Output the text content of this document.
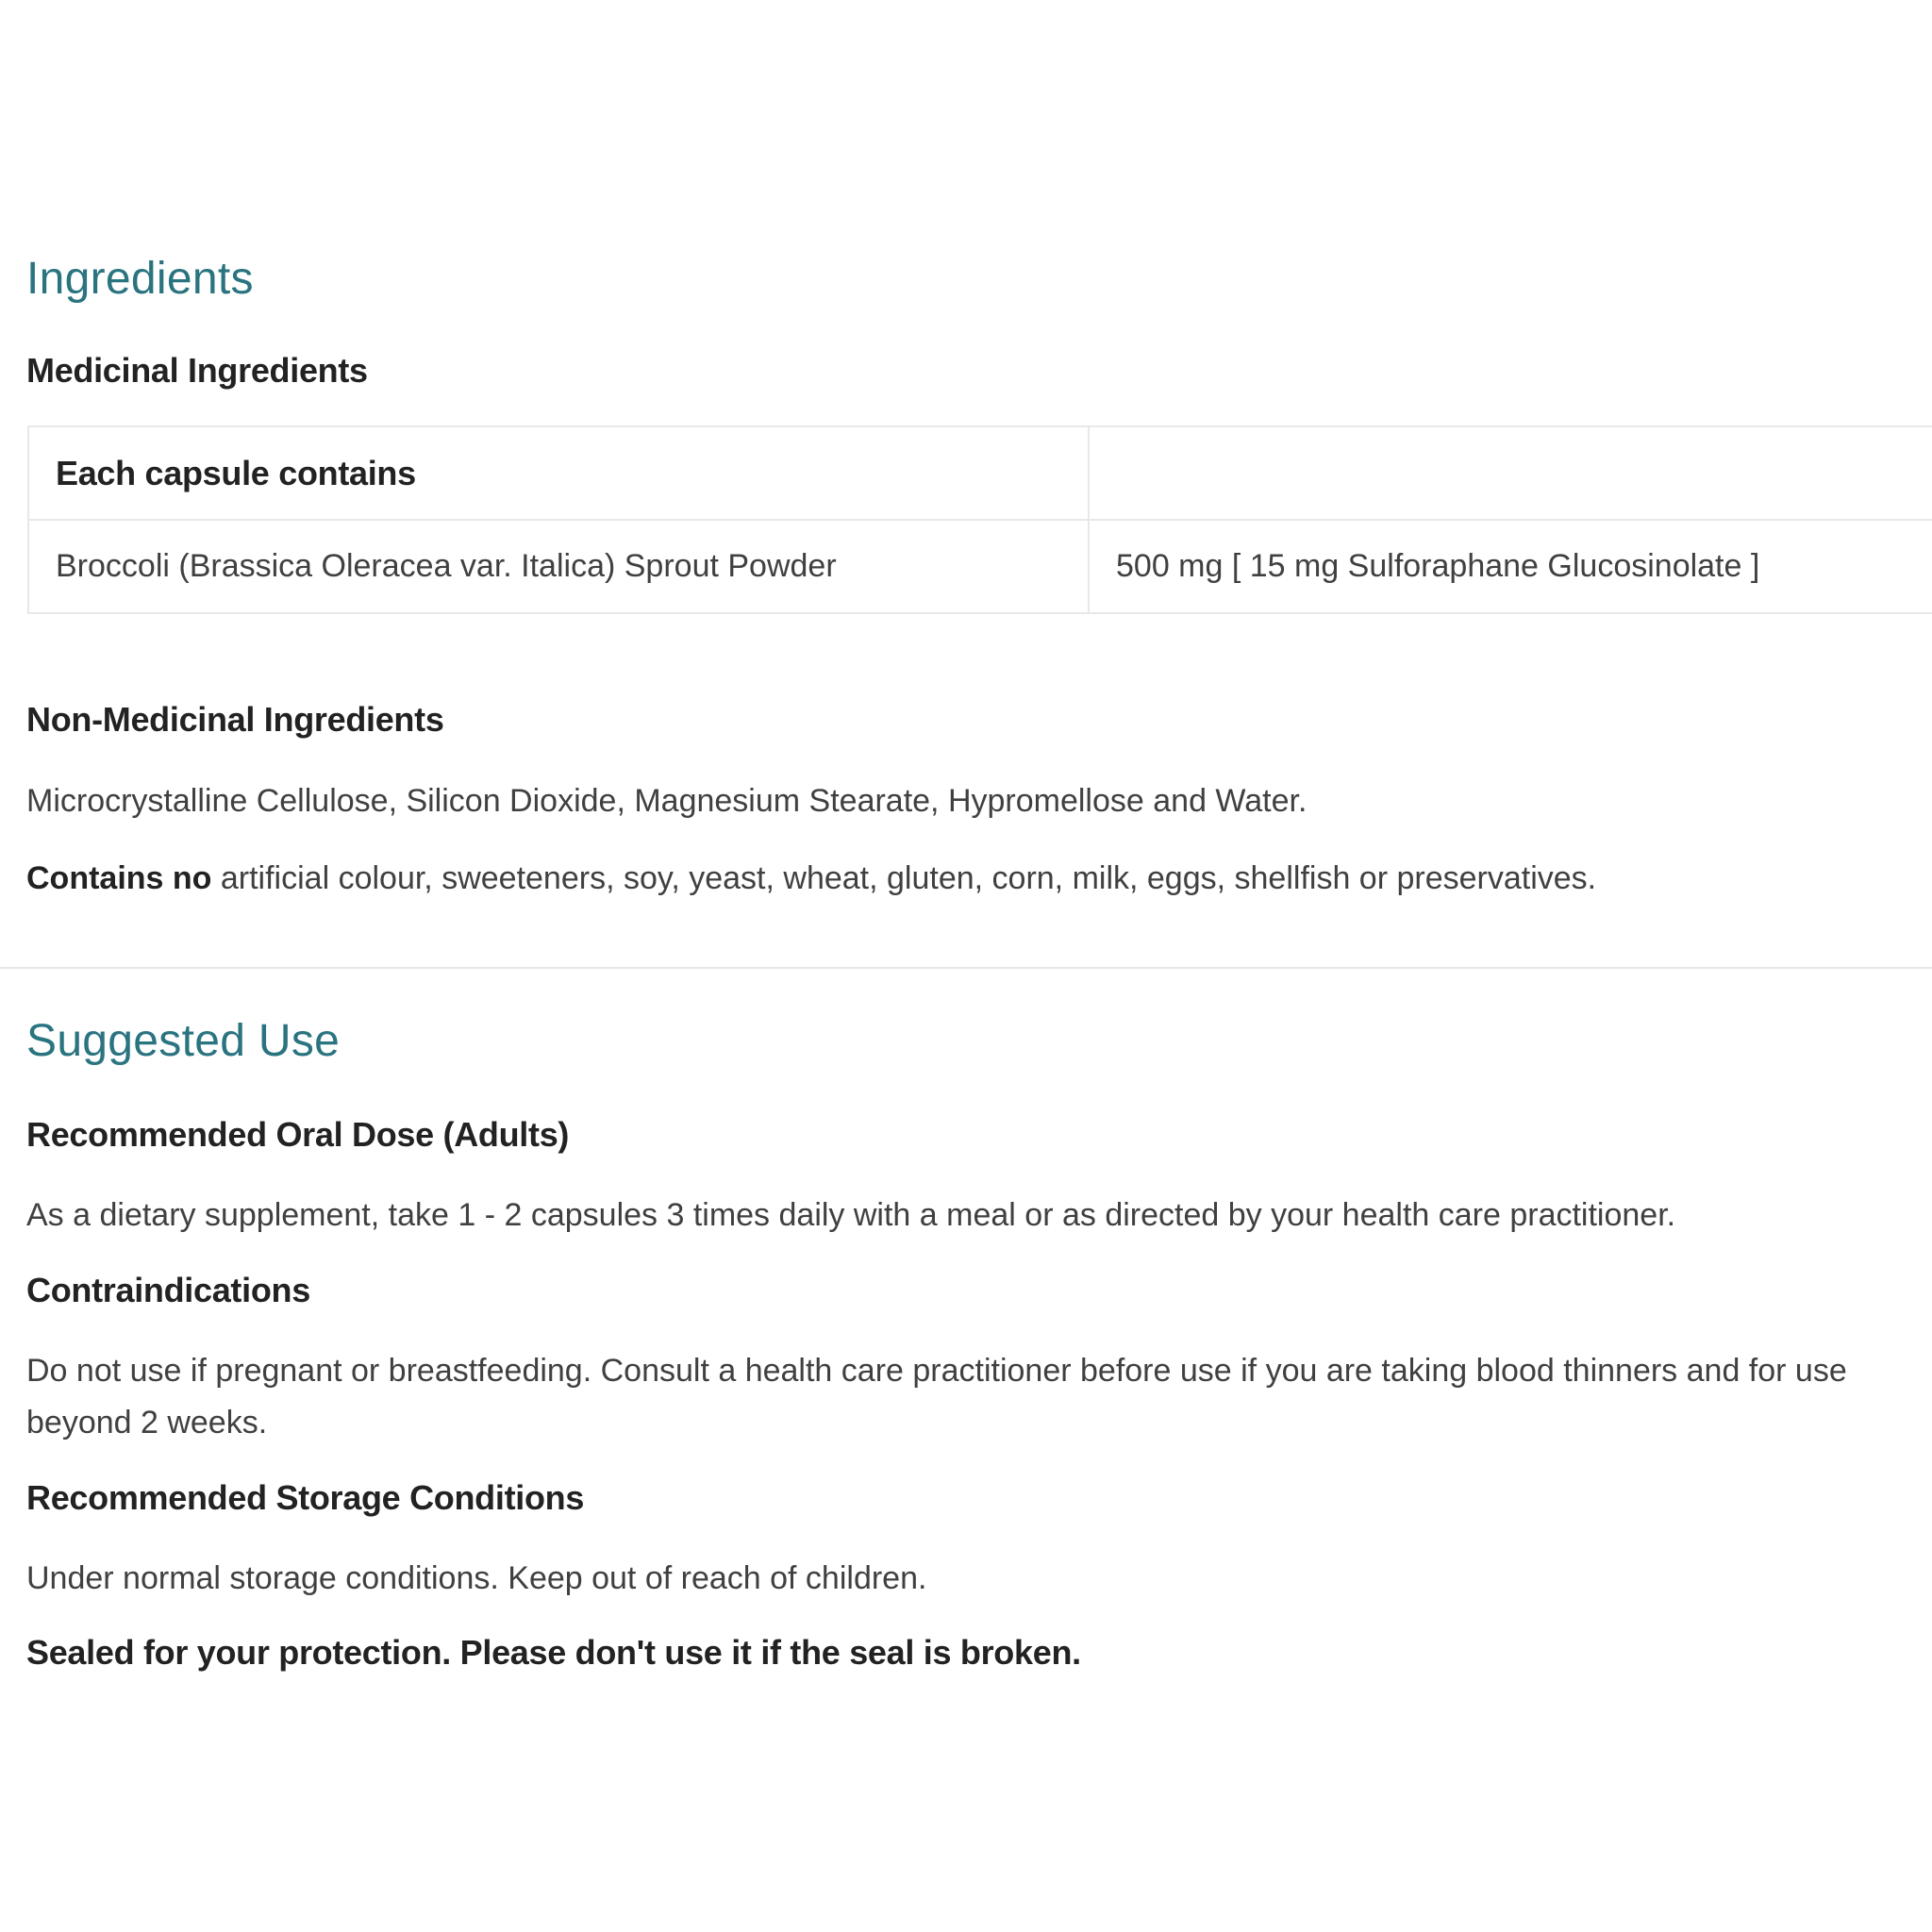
Ingredients
Medicinal Ingredients
Each capsule contains	
Broccoli (Brassica Oleracea var. Italica) Sprout Powder	500 mg [ 15 mg Sulforaphane Glucosinolate ]
Non-Medicinal Ingredients

Microcrystalline Cellulose, Silicon Dioxide, Magnesium Stearate, Hypromellose and Water.

Contains no artificial colour, sweeteners, soy, yeast, wheat, gluten, corn, milk, eggs, shellfish or preservatives.

Suggested Use
Recommended Oral Dose (Adults)

As a dietary supplement, take 1 - 2 capsules 3 times daily with a meal or as directed by your health care practitioner.

Contraindications

Do not use if pregnant or breastfeeding. Consult a health care practitioner before use if you are taking blood thinners and for use beyond 2 weeks.

Recommended Storage Conditions

Under normal storage conditions. Keep out of reach of children.

Sealed for your protection. Please don't use it if the seal is broken.
